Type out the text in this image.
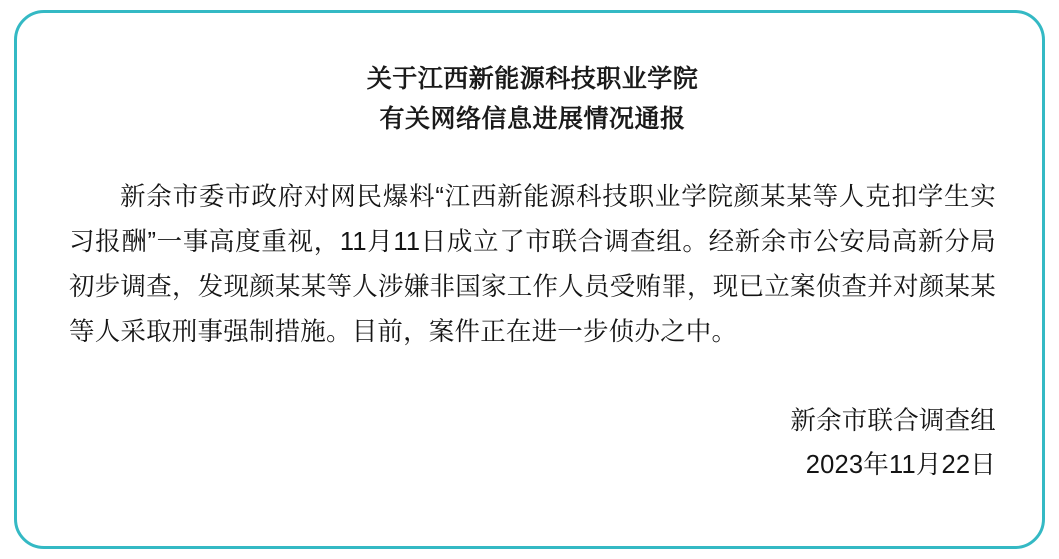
关于江西新能源科技职业学院
有关网络信息进展情况通报

新余市委市政府对网民爆料“江西新能源科技职业学院颜某某等人克扣学生实习报酬”一事高度重视，11月11日成立了市联合调查组。经新余市公安局高新分局初步调查，发现颜某某等人涉嫌非国家工作人员受贿罪，现已立案侦查并对颜某某等人采取刑事强制措施。目前，案件正在进一步侦办之中。

新余市联合调查组
2023年11月22日
